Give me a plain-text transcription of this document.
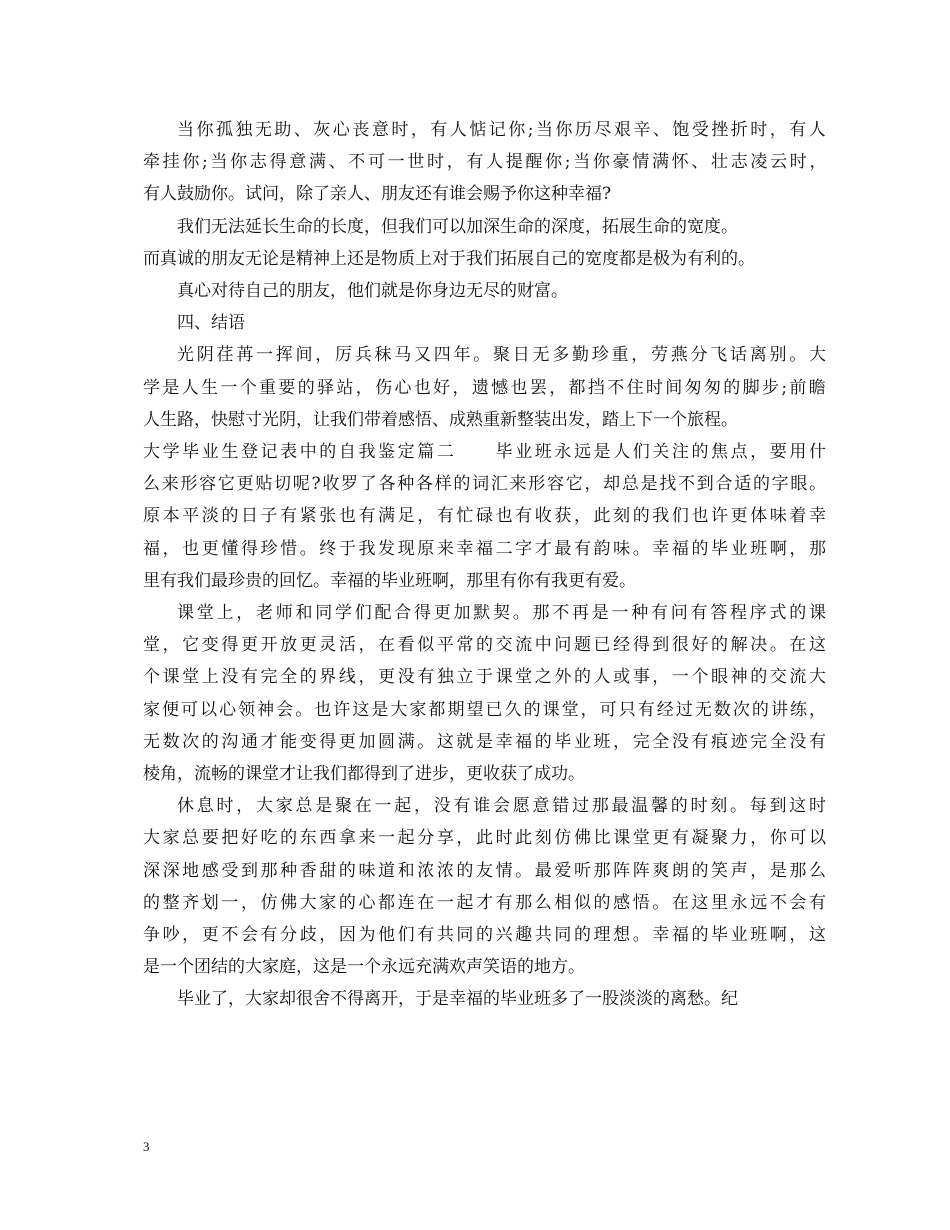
当你孤独无助、灰心丧意时，有人惦记你;当你历尽艰辛、饱受挫折时，有人
牵挂你;当你志得意满、不可一世时，有人提醒你;当你豪情满怀、壮志凌云时，
有人鼓励你。试问，除了亲人、朋友还有谁会赐予你这种幸福?
我们无法延长生命的长度，但我们可以加深生命的深度，拓展生命的宽度。
而真诚的朋友无论是精神上还是物质上对于我们拓展自己的宽度都是极为有利的。
真心对待自己的朋友，他们就是你身边无尽的财富。
四、结语
光阴荏苒一挥间，厉兵秣马又四年。聚日无多勤珍重，劳燕分飞话离别。大
学是人生一个重要的驿站，伤心也好，遗憾也罢，都挡不住时间匆匆的脚步;前瞻
人生路，快慰寸光阴，让我们带着感悟、成熟重新整装出发，踏上下一个旅程。
大学毕业生登记表中的自我鉴定篇二　　毕业班永远是人们关注的焦点，要用什
么来形容它更贴切呢?收罗了各种各样的词汇来形容它，却总是找不到合适的字眼。
原本平淡的日子有紧张也有满足，有忙碌也有收获，此刻的我们也许更体味着幸
福，也更懂得珍惜。终于我发现原来幸福二字才最有韵味。幸福的毕业班啊，那
里有我们最珍贵的回忆。幸福的毕业班啊，那里有你有我更有爱。
课堂上，老师和同学们配合得更加默契。那不再是一种有问有答程序式的课
堂，它变得更开放更灵活，在看似平常的交流中问题已经得到很好的解决。在这
个课堂上没有完全的界线，更没有独立于课堂之外的人或事，一个眼神的交流大
家便可以心领神会。也许这是大家都期望已久的课堂，可只有经过无数次的讲练，
无数次的沟通才能变得更加圆满。这就是幸福的毕业班，完全没有痕迹完全没有
棱角，流畅的课堂才让我们都得到了进步，更收获了成功。
休息时，大家总是聚在一起，没有谁会愿意错过那最温馨的时刻。每到这时
大家总要把好吃的东西拿来一起分享，此时此刻仿佛比课堂更有凝聚力，你可以
深深地感受到那种香甜的味道和浓浓的友情。最爱听那阵阵爽朗的笑声，是那么
的整齐划一，仿佛大家的心都连在一起才有那么相似的感悟。在这里永远不会有
争吵，更不会有分歧，因为他们有共同的兴趣共同的理想。幸福的毕业班啊，这
是一个团结的大家庭，这是一个永远充满欢声笑语的地方。
毕业了，大家却很舍不得离开，于是幸福的毕业班多了一股淡淡的离愁。纪
3
